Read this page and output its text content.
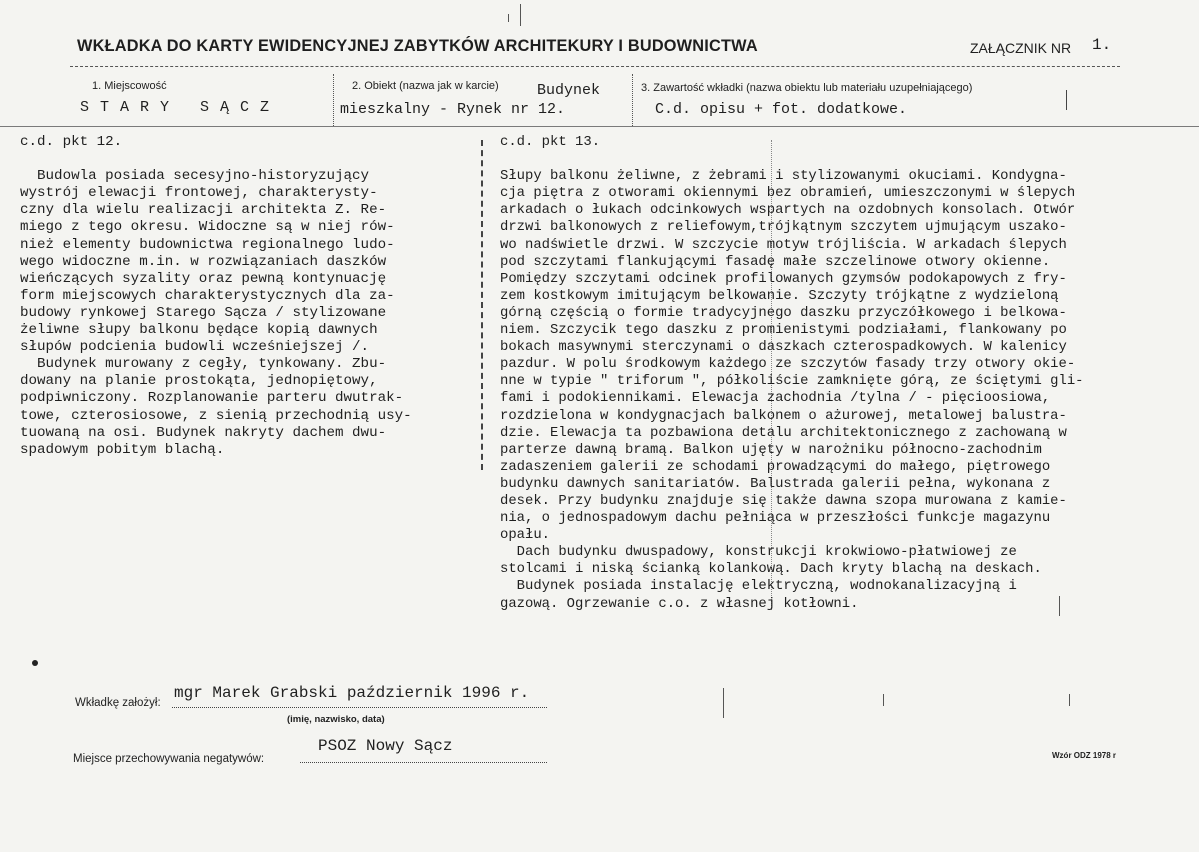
WKŁADKA DO KARTY EWIDENCYJNEJ ZABYTKÓW ARCHITEKURY I BUDOWNICTWA	ZAŁĄCZNIK NR 1.
1. Miejscowość
S T A R Y   S Ą C Z
2. Obiekt (nazwa jak w karcie)	Budynek
mieszkalny - Rynek nr 12.
3. Zawartość wkładki (nazwa obiektu lub materiału uzupełniającego)
C.d. opisu + fot. dodatkowe.
c.d. pkt 12.

Budowla posiada secesyjno-historyzujący
wystrój elewacji frontowej, charakterysty-
czny dla wielu realizacji architekta Z. Re-
miego z tego okresu. Widoczne są w niej rów-
nież elementy budownictwa regionalnego ludo-
wego widoczne m.in. w rozwiązaniach daszków
wieńczących syzality oraz pewną kontynuację
form miejscowych charakterystycznych dla za-
budowy rynkowej Starego Sącza / stylizowane
żeliwne słupy balkonu będące kopią dawnych
słupów podcienia budowli wcześniejszej /.
Budynek murowany z cegły, tynkowany. Zbu-
dowany na planie prostokąta, jednopiętowy,
podpiwniczony. Rozplanowanie parteru dwutrak-
towe, czterosiosowe, z sienią przechodnią usy-
tuowaną na osi. Budynek nakryty dachem dwu-
spadowym pobitym blachą.
c.d. pkt 13.

Słupy balkonu żeliwne, z żebrami i stylizowanymi okuciami. Kondygna-
cja piętra z otworami okiennymi bez obramień, umieszczonymi w ślepych
arkadach o łukach odcinkowych wspartych na ozdobnych konsolach. Otwór
drzwi balkonowych z reliefowym,trójkątnym szczytem ujmującym uszako-
wo nadświetle drzwi. W szczycie motyw trójliścia. W arkadach ślepych
pod szczytami flankującymi fasadę małe szczelinowe otwory okienne.
Pomiędzy szczytami odcinek profilowanych gzymsów podokapowych z fry-
zem kostkowym imitującym belkowanie. Szczyty trójkątne z wydzieloną
górną częścią o formie tradycyjnego daszku przyczółkowego i belkowa-
niem. Szczycik tego daszku z promienistymi podziałami, flankowany po
bokach masywnymi sterczynami o daszkach czterospadkowych. W kalenicy
pazdur. W polu środkowym każdego ze szczytów fasady trzy otwory okie-
nne w typie " triforum ", półkoliście zamknięte górą, ze ściętymi gli-
fami i podokiennikami. Elewacja zachodnia /tylna / - pięcioosiowa,
rozdzielona w kondygnacjach balkonem o ażurowej, metalowej balustra-
dzie. Elewacja ta pozbawiona detalu architektonicznego z zachowaną w
parterze dawną bramą. Balkon ujęty w narożniku północno-zachodnim
zadaszeniem galerii ze schodami prowadzącymi do małego, piętrowego
budynku dawnych sanitariatów. Balustrada galerii pełna, wykonana z
desek. Przy budynku znajduje się także dawna szopa murowana z kamie-
nia, o jednospadowym dachu pełniąca w przeszłości funkcje magazynu
opału.
Dach budynku dwuspadowy, konstrukcji krokwiowo-płatwiowej ze
stolcami i niską ścianką kolankową. Dach kryty blachą na deskach.
Budynek posiada instalację elektryczną, wodnokanalizacyjną i
gazową. Ogrzewanie c.o. z własnej kotłowni.
Wkładkę założył:
mgr Marek Grabski październik 1996 r.
(imię, nazwisko, data)
Miejsce przechowywania negatywów:
PSOZ Nowy Sącz
Wzór ODZ 1978 r
